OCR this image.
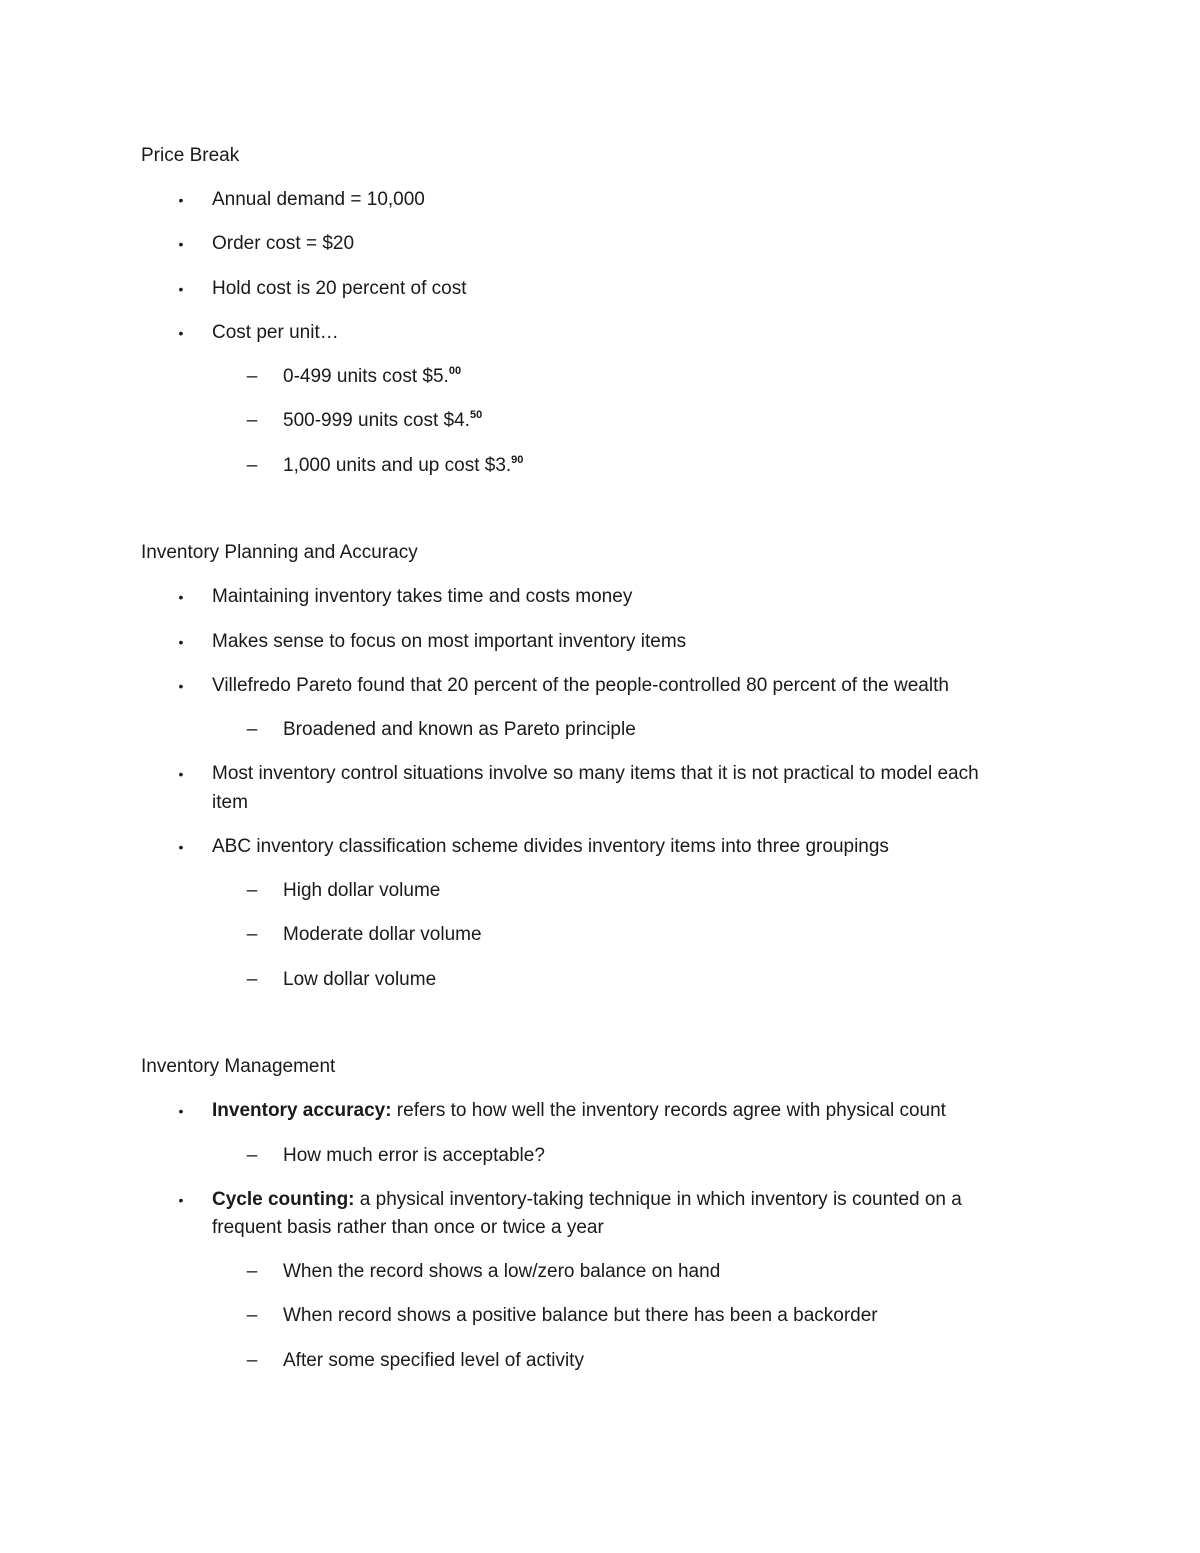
Price Break
• Annual demand = 10,000
• Order cost = $20
• Hold cost is 20 percent of cost
• Cost per unit…
– 0-499 units cost $5.00
– 500-999 units cost $4.50
– 1,000 units and up cost $3.90
Inventory Planning and Accuracy
• Maintaining inventory takes time and costs money
• Makes sense to focus on most important inventory items
• Villefredo Pareto found that 20 percent of the people-controlled 80 percent of the wealth
– Broadened and known as Pareto principle
• Most inventory control situations involve so many items that it is not practical to model each
item
• ABC inventory classification scheme divides inventory items into three groupings
– High dollar volume
– Moderate dollar volume
– Low dollar volume
Inventory Management
• Inventory accuracy: refers to how well the inventory records agree with physical count
– How much error is acceptable?
• Cycle counting: a physical inventory-taking technique in which inventory is counted on a
frequent basis rather than once or twice a year
– When the record shows a low/zero balance on hand
– When record shows a positive balance but there has been a backorder
– After some specified level of activity
